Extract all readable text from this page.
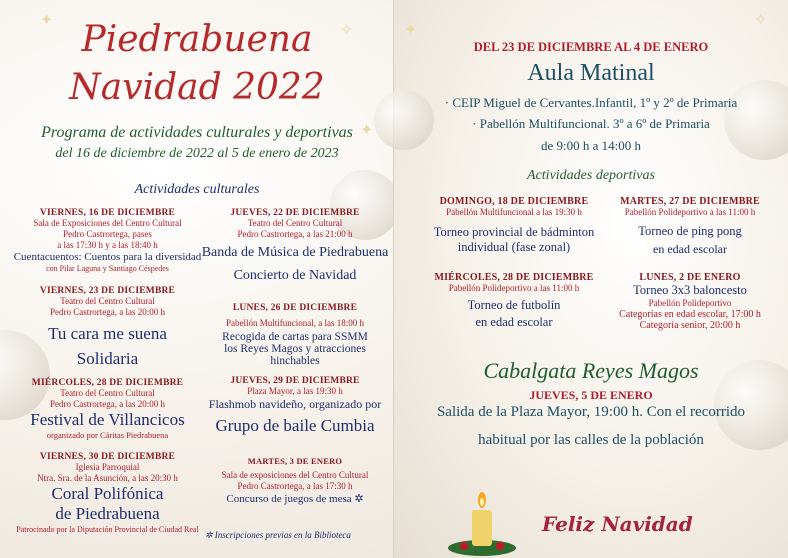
✦
✧
✦
Piedrabuena
Navidad 2022
Programa de actividades culturales y deportivas
del 16 de diciembre de 2022 al 5 de enero de 2023
Actividades culturales
VIERNES, 16 DE DICIEMBRE
Sala de Exposiciones del Centro Cultural
Pedro Castrortega, pases
a las 17:30 h y a las 18:40 h
Cuentacuentos: Cuentos para la diversidad
con Pilar Laguna y Santiago Céspedes
VIERNES, 23 DE DICIEMBRE
Teatro del Centro Cultural
Pedro Castrortega, a las 20:00 h
Tu cara me suena
Solidaria
MIÉRCOLES, 28 DE DICIEMBRE
Teatro del Centro Cultural
Pedro Castrortega, a las 20:00 h
Festival de Villancicos
organizado por Cáritas Piedrabuena
VIERNES, 30 DE DICIEMBRE
Iglesia Parroquial
Ntra. Sra. de la Asunción, a las 20:30 h
Coral Polifónica
de Piedrabuena
Patrocinado por la Diputación Provincial de Ciudad Real
JUEVES, 22 DE DICIEMBRE
Teatro del Centro Cultural
Pedro Castrortega, a las 21:00 h
Banda de Música de Piedrabuena
Concierto de Navidad
LUNES, 26 DE DICIEMBRE
Pabellón Multifuncional, a las 18:00 h
Recogida de cartas para SSMM
los Reyes Magos y atracciones hinchables
JUEVES, 29 DE DICIEMBRE
Plaza Mayor, a las 19:30 h
Flashmob navideño, organizado por
Grupo de baile Cumbia
MARTES, 3 DE ENERO
Sala de exposiciones del Centro Cultural
Pedro Castrortega, a las 17:30 h
Concurso de juegos de mesa ✲
✲ Inscripciones previas en la Biblioteca
✦
✧
DEL 23 DE DICIEMBRE AL 4 DE ENERO
Aula Matinal
· CEIP Miguel de Cervantes.Infantil, 1º y 2º de Primaria
· Pabellón Multifuncional. 3º a 6º de Primaria
de 9:00 h a 14:00 h
Actividades deportivas
DOMINGO, 18 DE DICIEMBRE
Pabellón Multifuncional a las 19:30 h
Torneo provincial de bádminton
individual (fase zonal)
MARTES, 27 DE DICIEMBRE
Pabellón Polideportivo a las 11:00 h
Torneo de ping pong
en edad escolar
MIÉRCOLES, 28 DE DICIEMBRE
Pabellón Polideportivo a las 11:00 h
Torneo de futbolín
en edad escolar
LUNES, 2 DE ENERO
Torneo 3x3 baloncesto
Pabellón Polideportivo
Categorías en edad escolar, 17:00 h
Categoría senior, 20:00 h
Cabalgata Reyes Magos
JUEVES, 5 DE ENERO
Salida de la Plaza Mayor, 19:00 h. Con el recorrido
habitual por las calles de la población
Feliz Navidad
